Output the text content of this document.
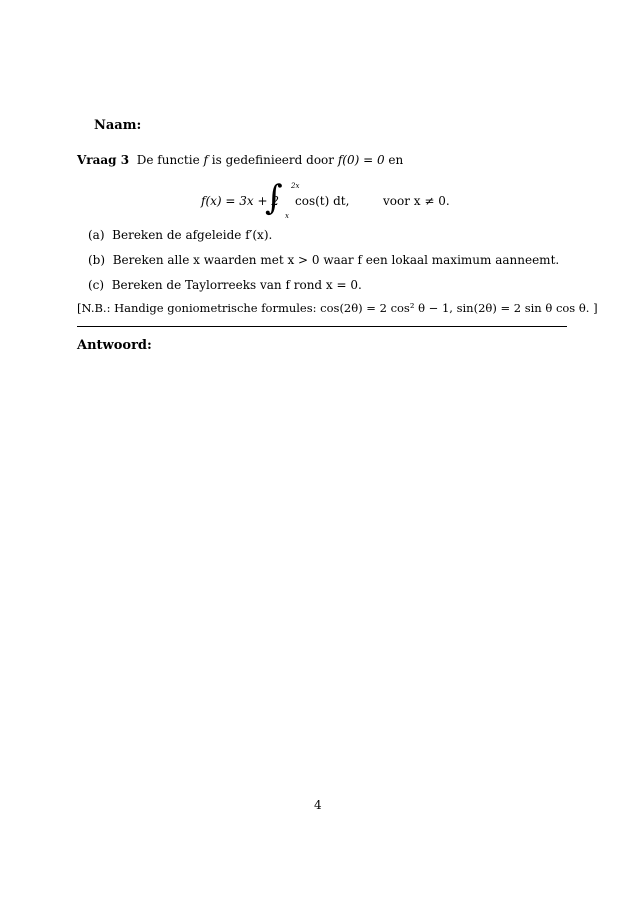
Naam:
Vraag 3 De functie f is gedefinieerd door f(0) = 0 en
f(x) = 3x + 2
∫ 2x
x
cos(t) dt,	voor x ≠ 0.
(a) Bereken de afgeleide f′(x).
(b) Bereken alle x waarden met x > 0 waar f een lokaal maximum aanneemt.
(c) Bereken de Taylorreeks van f rond x = 0.
[N.B.: Handige goniometrische formules: cos(2θ) = 2 cos² θ − 1, sin(2θ) = 2 sin θ cos θ. ]
Antwoord:
4
